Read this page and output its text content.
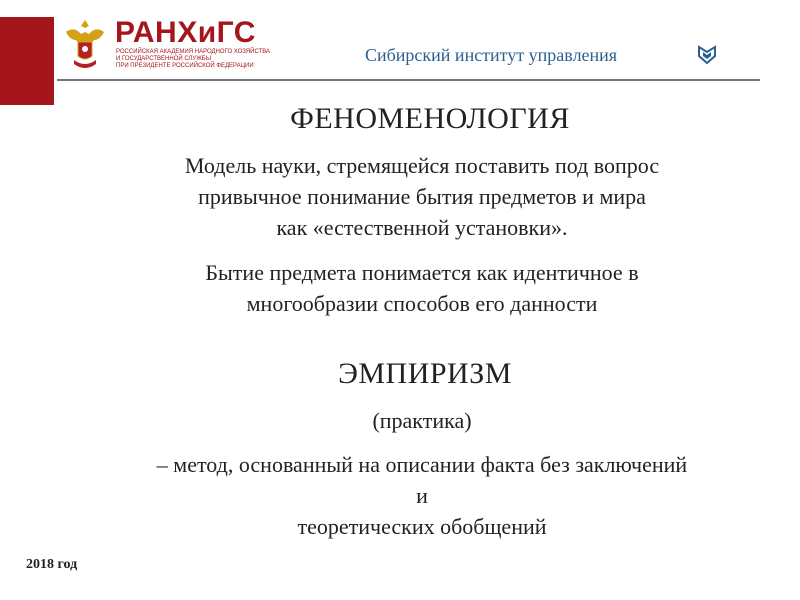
РАНХиГС
РОССИЙСКАЯ АКАДЕМИЯ НАРОДНОГО ХОЗЯЙСТВА
И ГОСУДАРСТВЕННОЙ СЛУЖБЫ
ПРИ ПРЕЗИДЕНТЕ РОССИЙСКОЙ ФЕДЕРАЦИИ
Сибирский институт управления
ФЕНОМЕНОЛОГИЯ
Модель науки, стремящейся поставить под вопрос
привычное понимание бытия предметов и мира
как «естественной установки».
Бытие предмета понимается как идентичное в
многообразии способов его данности
ЭМПИРИЗМ
(практика)
– метод, основанный на описании факта без заключений
и
теоретических обобщений
2018 год
